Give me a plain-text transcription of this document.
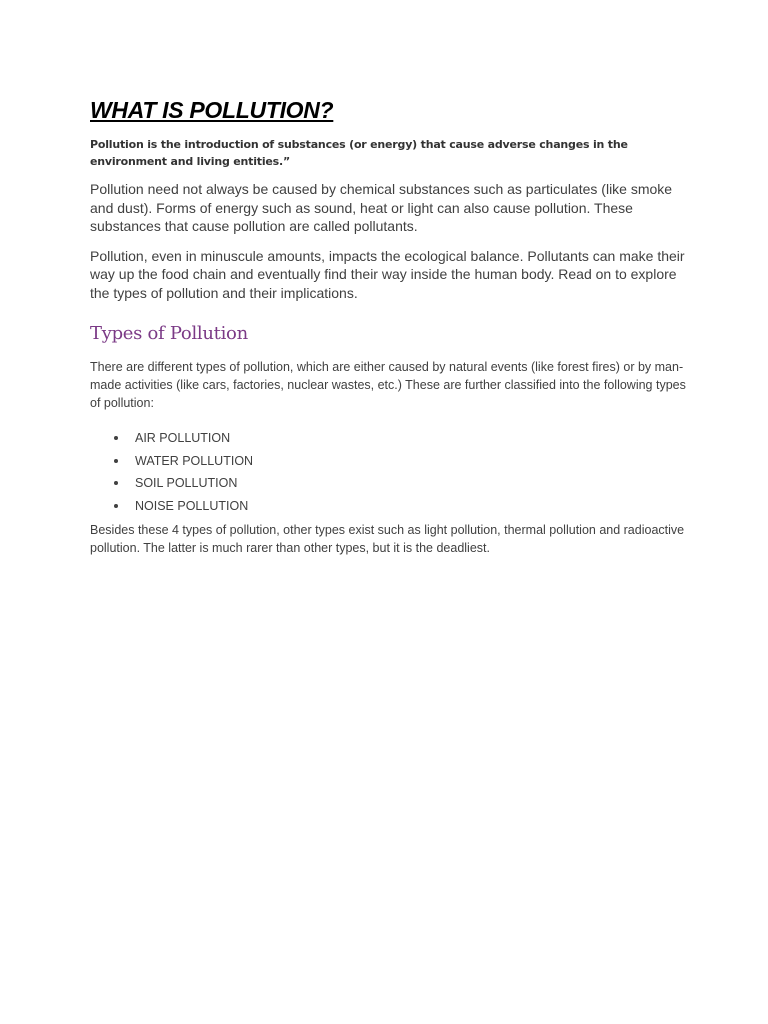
WHAT IS POLLUTION?

Pollution is the introduction of substances (or energy) that cause adverse changes in the environment and living entities.”

Pollution need not always be caused by chemical substances such as particulates (like smoke and dust). Forms of energy such as sound, heat or light can also cause pollution. These substances that cause pollution are called pollutants.

Pollution, even in minuscule amounts, impacts the ecological balance. Pollutants can make their way up the food chain and eventually find their way inside the human body. Read on to explore the types of pollution and their implications.

Types of Pollution

There are different types of pollution, which are either caused by natural events (like forest fires) or by man-made activities (like cars, factories, nuclear wastes, etc.) These are further classified into the following types of pollution:

AIR POLLUTION
WATER POLLUTION
SOIL POLLUTION
NOISE POLLUTION

Besides these 4 types of pollution, other types exist such as light pollution, thermal pollution and radioactive pollution. The latter is much rarer than other types, but it is the deadliest.
